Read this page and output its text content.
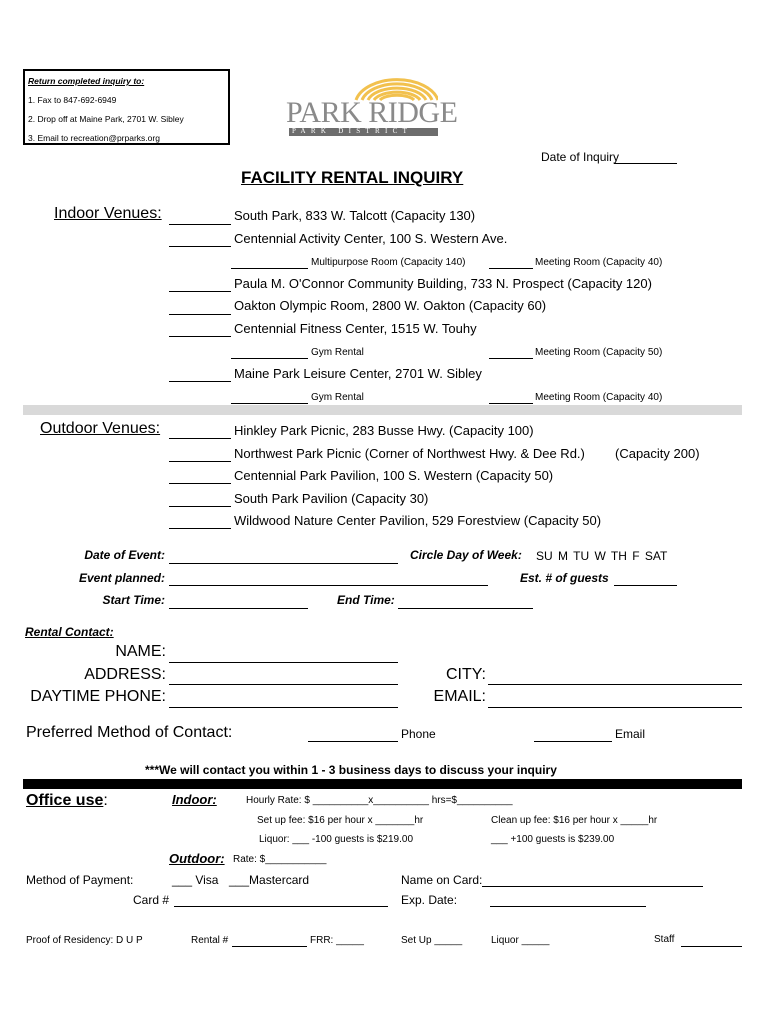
Return completed inquiry to:
1. Fax to 847-692-6949
2. Drop off at Maine Park, 2701 W. Sibley
3. Email to recreation@prparks.org
PARK RIDGE
PARK DISTRICT
Date of Inquiry
FACILITY RENTAL INQUIRY
Indoor Venues:	South Park, 833 W. Talcott (Capacity 130)
Centennial Activity Center, 100 S. Western Ave.
Multipurpose Room (Capacity 140)	Meeting Room (Capacity 40)
Paula M. O'Connor Community Building, 733 N. Prospect (Capacity 120)
Oakton Olympic Room, 2800 W. Oakton (Capacity 60)
Centennial Fitness Center, 1515 W. Touhy
Gym Rental	Meeting Room (Capacity 50)
Maine Park Leisure Center, 2701 W. Sibley
Gym Rental	Meeting Room (Capacity 40)
Outdoor Venues:	Hinkley Park Picnic, 283 Busse Hwy. (Capacity 100)
Northwest Park Picnic (Corner of Northwest Hwy. & Dee Rd.) (Capacity 200)
Centennial Park Pavilion, 100 S. Western (Capacity 50)
South Park Pavilion (Capacity 30)
Wildwood Nature Center Pavilion, 529 Forestview (Capacity 50)
Date of Event:	Circle Day of Week: SU M TU W TH F SAT
Event planned:	Est. # of guests
Start Time:	End Time:
Rental Contact:
NAME:
ADDRESS:	CITY:
DAYTIME PHONE:	EMAIL:
Preferred Method of Contact:	Phone	Email
***We will contact you within 1 - 3 business days to discuss your inquiry
Office use:	Indoor:	Hourly Rate: $ __________x__________ hrs=$__________
Set up fee: $16 per hour x _______hr	Clean up fee: $16 per hour x _____hr
Liquor: ___ -100 guests is $219.00	___ +100 guests is $239.00
Outdoor: Rate: $___________
Method of Payment:	___ Visa ___Mastercard	Name on Card:
Card #	Exp. Date:
Proof of Residency: D U P	Rental #	FRR: _____	Set Up _____	Liquor _____	Staff
